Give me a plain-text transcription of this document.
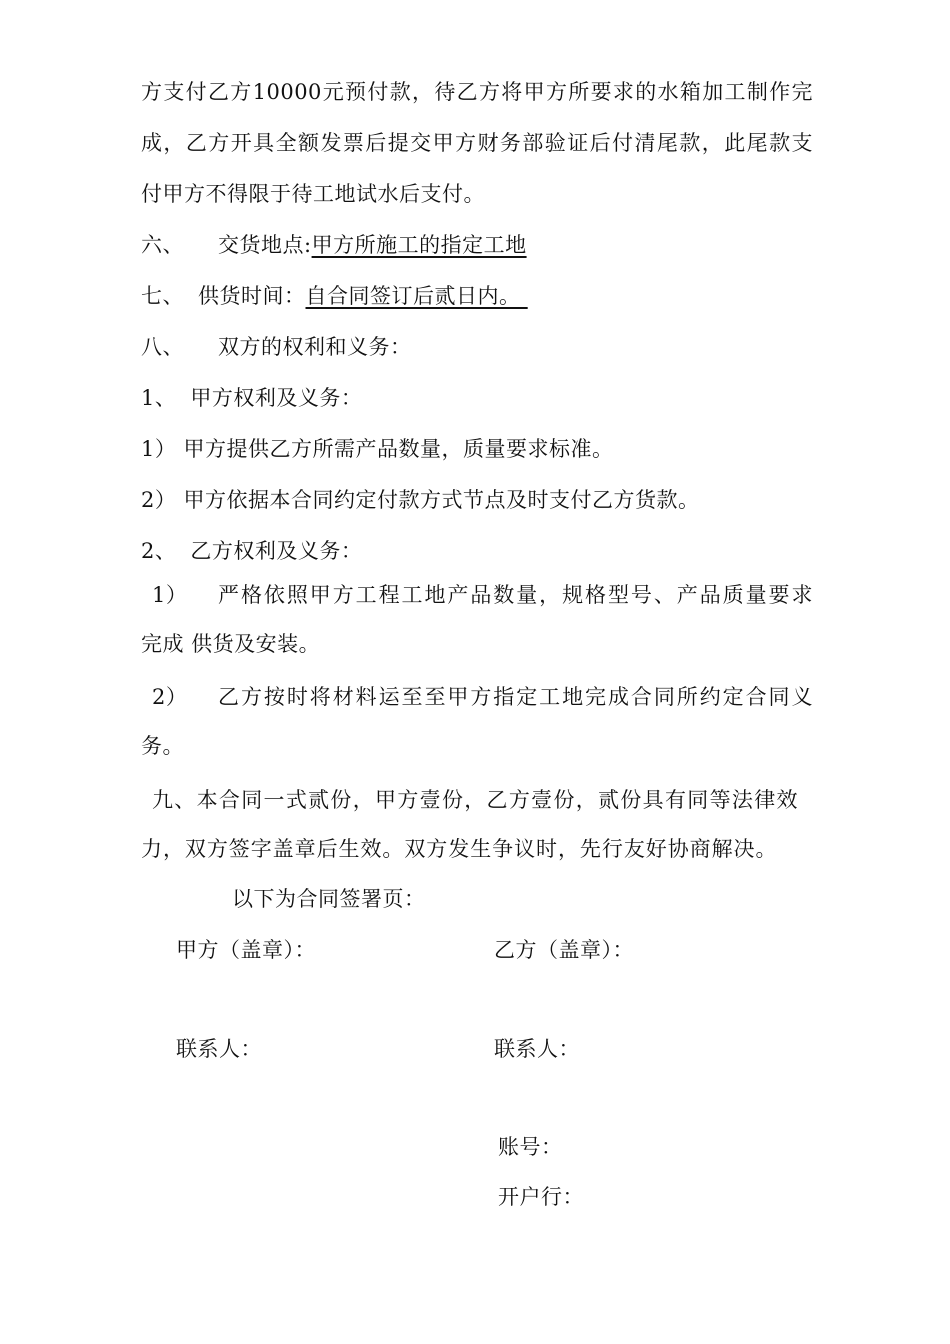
方支付乙方10000元预付款，待乙方将甲方所要求的水箱加工制作完
成，乙方开具全额发票后提交甲方财务部验证后付清尾款，此尾款支
付甲方不得限于待工地试水后支付。
六、 交货地点:甲方所施工的指定工地
七、 供货时间：自合同签订后贰日内。
八、 双方的权利和义务：
1、 甲方权利及义务：
1） 甲方提供乙方所需产品数量，质量要求标准。
2） 甲方依据本合同约定付款方式节点及时支付乙方货款。
2、 乙方权利及义务：
1） 严格依照甲方工程工地产品数量，规格型号、产品质量要求
完成 供货及安装。
2） 乙方按时将材料运至至甲方指定工地完成合同所约定合同义
务。
九、本合同一式贰份，甲方壹份，乙方壹份，贰份具有同等法律效
力，双方签字盖章后生效。双方发生争议时，先行友好协商解决。
以下为合同签署页：
甲方（盖章）：	乙方（盖章）：
联系人：	联系人：
账号：
开户行：
